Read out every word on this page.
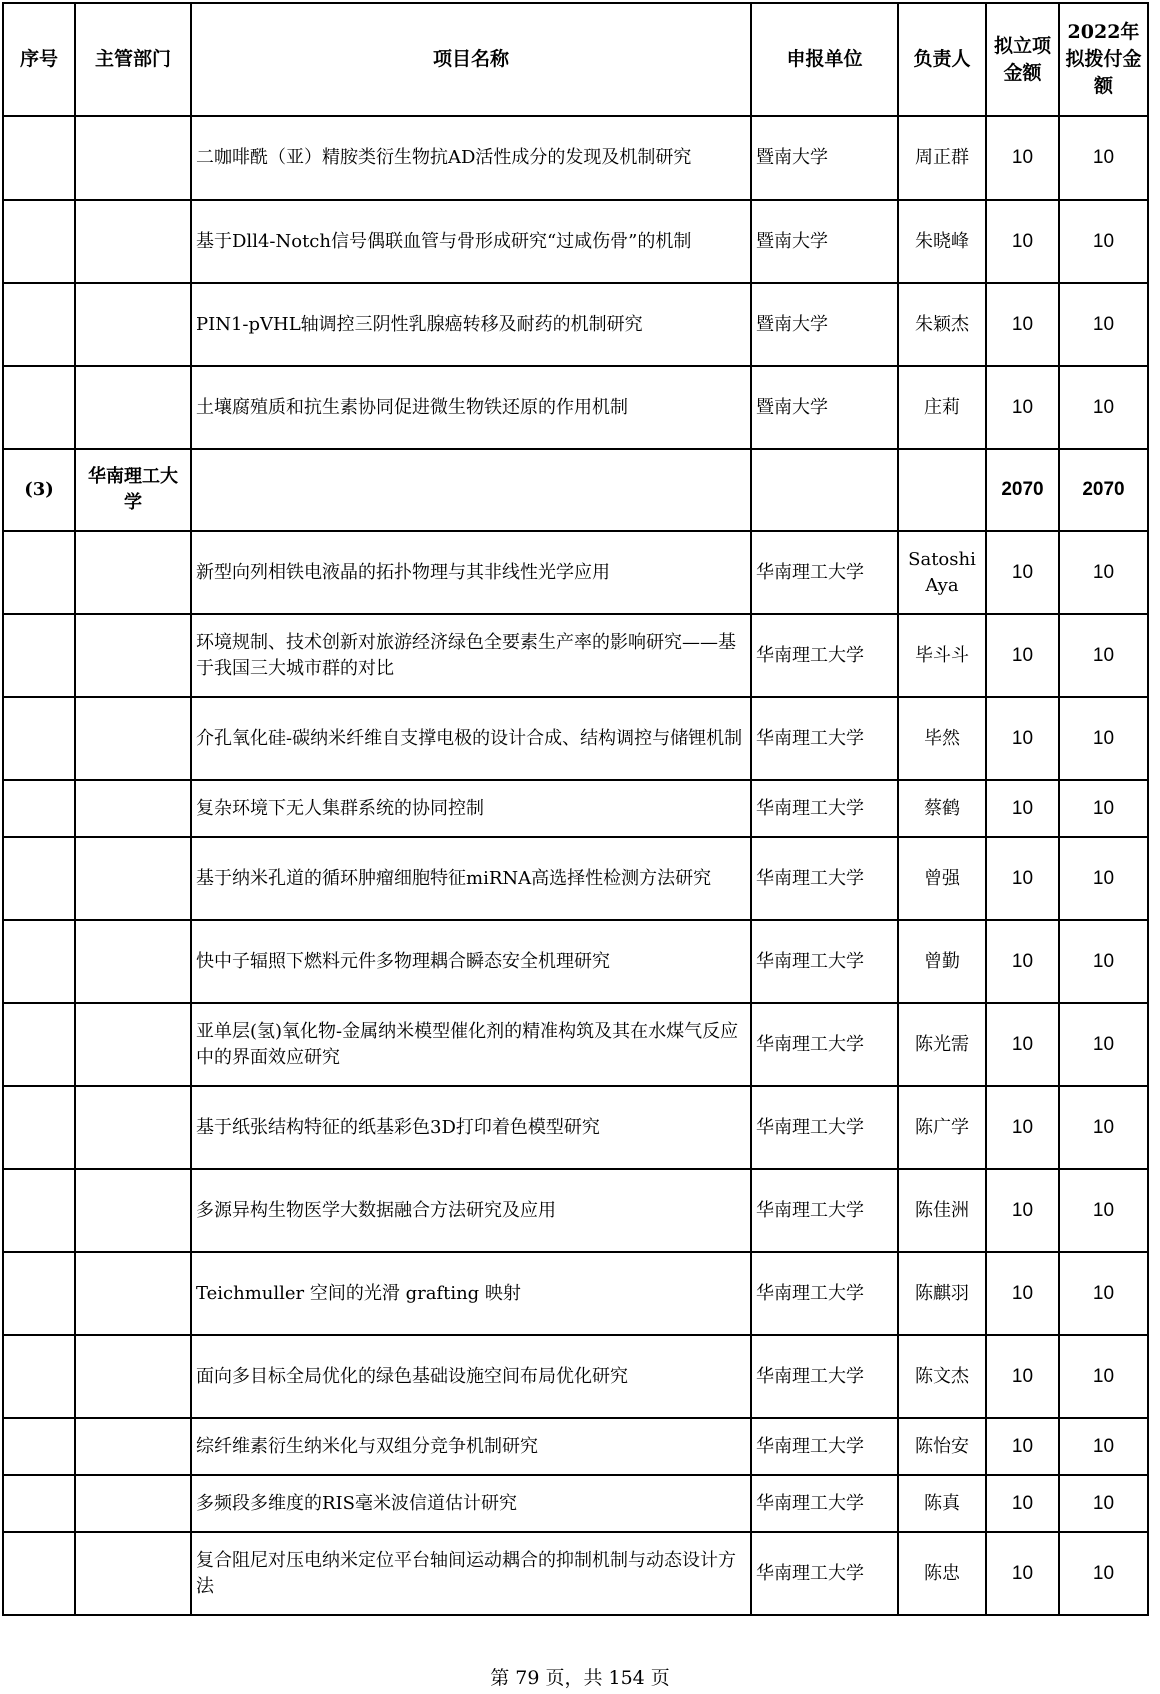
序号	主管部门	项目名称	申报单位	负责人	拟立项金额	2022年拟拨付金额
		二咖啡酰（亚）精胺类衍生物抗AD活性成分的发现及机制研究	暨南大学	周正群	10	10
		基于Dll4-Notch信号偶联血管与骨形成研究“过咸伤骨”的机制	暨南大学	朱晓峰	10	10
		PIN1-pVHL轴调控三阴性乳腺癌转移及耐药的机制研究	暨南大学	朱颖杰	10	10
		土壤腐殖质和抗生素协同促进微生物铁还原的作用机制	暨南大学	庄莉	10	10
(3)	华南理工大学				2070	2070
		新型向列相铁电液晶的拓扑物理与其非线性光学应用	华南理工大学	Satoshi Aya	10	10
		环境规制、技术创新对旅游经济绿色全要素生产率的影响研究——基于我国三大城市群的对比	华南理工大学	毕斗斗	10	10
		介孔氧化硅-碳纳米纤维自支撑电极的设计合成、结构调控与储锂机制	华南理工大学	毕然	10	10
		复杂环境下无人集群系统的协同控制	华南理工大学	蔡鹤	10	10
		基于纳米孔道的循环肿瘤细胞特征miRNA高选择性检测方法研究	华南理工大学	曾强	10	10
		快中子辐照下燃料元件多物理耦合瞬态安全机理研究	华南理工大学	曾勤	10	10
		亚单层(氢)氧化物-金属纳米模型催化剂的精准构筑及其在水煤气反应中的界面效应研究	华南理工大学	陈光需	10	10
		基于纸张结构特征的纸基彩色3D打印着色模型研究	华南理工大学	陈广学	10	10
		多源异构生物医学大数据融合方法研究及应用	华南理工大学	陈佳洲	10	10
		Teichmuller 空间的光滑 grafting 映射	华南理工大学	陈麒羽	10	10
		面向多目标全局优化的绿色基础设施空间布局优化研究	华南理工大学	陈文杰	10	10
		综纤维素衍生纳米化与双组分竞争机制研究	华南理工大学	陈怡安	10	10
		多频段多维度的RIS毫米波信道估计研究	华南理工大学	陈真	10	10
		复合阻尼对压电纳米定位平台轴间运动耦合的抑制机制与动态设计方法	华南理工大学	陈忠	10	10
第 79 页，共 154 页
